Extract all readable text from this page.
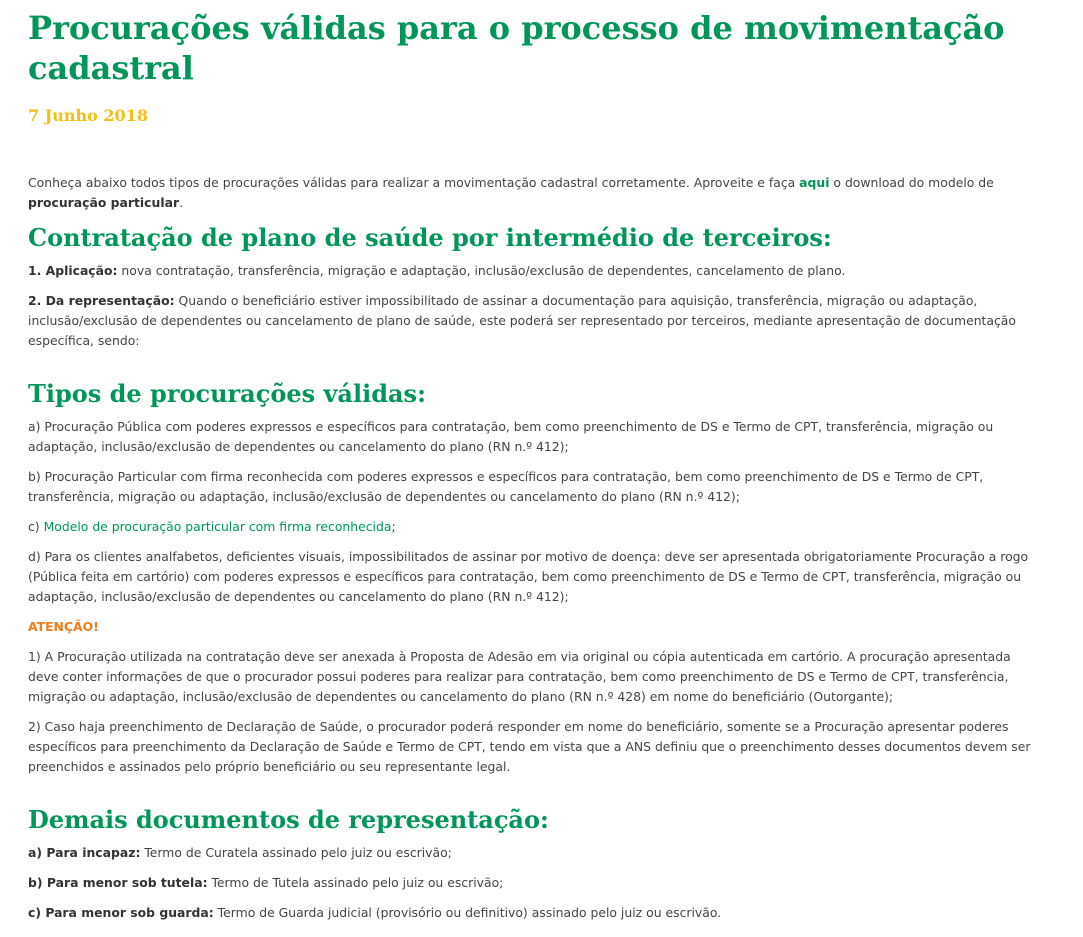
Procurações válidas para o processo de movimentação cadastral
7 Junho 2018

Conheça abaixo todos tipos de procurações válidas para realizar a movimentação cadastral corretamente. Aproveite e faça aqui o download do modelo de procuração particular.

Contratação de plano de saúde por intermédio de terceiros:

1. Aplicação: nova contratação, transferência, migração e adaptação, inclusão/exclusão de dependentes, cancelamento de plano.

2. Da representação: Quando o beneficiário estiver impossibilitado de assinar a documentação para aquisição, transferência, migração ou adaptação, inclusão/exclusão de dependentes ou cancelamento de plano de saúde, este poderá ser representado por terceiros, mediante apresentação de documentação específica, sendo:

Tipos de procurações válidas:

a) Procuração Pública com poderes expressos e específicos para contratação, bem como preenchimento de DS e Termo de CPT, transferência, migração ou adaptação, inclusão/exclusão de dependentes ou cancelamento do plano (RN n.º 412);

b) Procuração Particular com firma reconhecida com poderes expressos e específicos para contratação, bem como preenchimento de DS e Termo de CPT, transferência, migração ou adaptação, inclusão/exclusão de dependentes ou cancelamento do plano (RN n.º 412);

c) Modelo de procuração particular com firma reconhecida;

d) Para os clientes analfabetos, deficientes visuais, impossibilitados de assinar por motivo de doença: deve ser apresentada obrigatoriamente Procuração a rogo (Pública feita em cartório) com poderes expressos e específicos para contratação, bem como preenchimento de DS e Termo de CPT, transferência, migração ou adaptação, inclusão/exclusão de dependentes ou cancelamento do plano (RN n.º 412);

ATENÇÃO!

1) A Procuração utilizada na contratação deve ser anexada à Proposta de Adesão em via original ou cópia autenticada em cartório. A procuração apresentada deve conter informações de que o procurador possui poderes para realizar para contratação, bem como preenchimento de DS e Termo de CPT, transferência, migração ou adaptação, inclusão/exclusão de dependentes ou cancelamento do plano (RN n.º 428) em nome do beneficiário (Outorgante);

2) Caso haja preenchimento de Declaração de Saúde, o procurador poderá responder em nome do beneficiário, somente se a Procuração apresentar poderes específicos para preenchimento da Declaração de Saúde e Termo de CPT, tendo em vista que a ANS definiu que o preenchimento desses documentos devem ser preenchidos e assinados pelo próprio beneficiário ou seu representante legal.

Demais documentos de representação:

a) Para incapaz: Termo de Curatela assinado pelo juiz ou escrivão;

b) Para menor sob tutela: Termo de Tutela assinado pelo juiz ou escrivão;

c) Para menor sob guarda: Termo de Guarda judicial (provisório ou definitivo) assinado pelo juiz ou escrivão.
